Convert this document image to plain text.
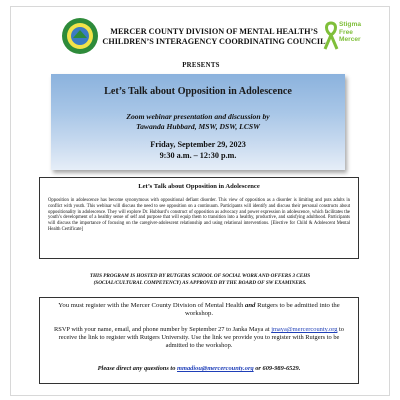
MERCER COUNTY DIVISION OF MENTAL HEALTH’S
CHILDREN’S INTERAGENCY COORDINATING COUNCIL
Stigma
Free
Mercer
PRESENTS
Let’s Talk about Opposition in Adolescence
Zoom webinar presentation and discussion by
Tawanda Hubbard, MSW, DSW, LCSW
Friday, September 29, 2023
9:30 a.m. – 12:30 p.m.
Let’s Talk about Opposition in Adolescence
Opposition in adolescence has become synonymous with oppositional defiant disorder. This view of opposition as a disorder is limiting and puts adults in conflict with youth. This webinar will discuss the need to see opposition on a continuum. Participants will identify and discuss their personal constructs about oppositionality in adolescence. They will explore Dr. Hubbard’s construct of opposition as advocacy and power expression in adolescence, which facilitates the youth’s development of a healthy sense of self and purpose that will equip them to transition into a healthy, productive, and satisfying adulthood. Participants will discuss the importance of focusing on the caregiver-adolescent relationship and using relational interventions. [Elective for Child & Adolescent Mental Health Certificate]
THIS PROGRAM IS HOSTED BY RUTGERS SCHOOL OF SOCIAL WORK AND OFFERS 3 CEHS
(SOCIAL/CULTURAL COMPETENCY) AS APPROVED BY THE BOARD OF SW EXAMINERS.
You must register with the Mercer County Division of Mental Health and Rutgers to be admitted into the workshop.
RSVP with your name, email, and phone number by September 27 to Janka Maya at jmaya@mercercounty.org to receive the link to register with Rutgers University. Use the link we provide you to register with Rutgers to be admitted to the workshop.
Please direct any questions to mmadiou@mercercounty.org or 609-989-6529.
